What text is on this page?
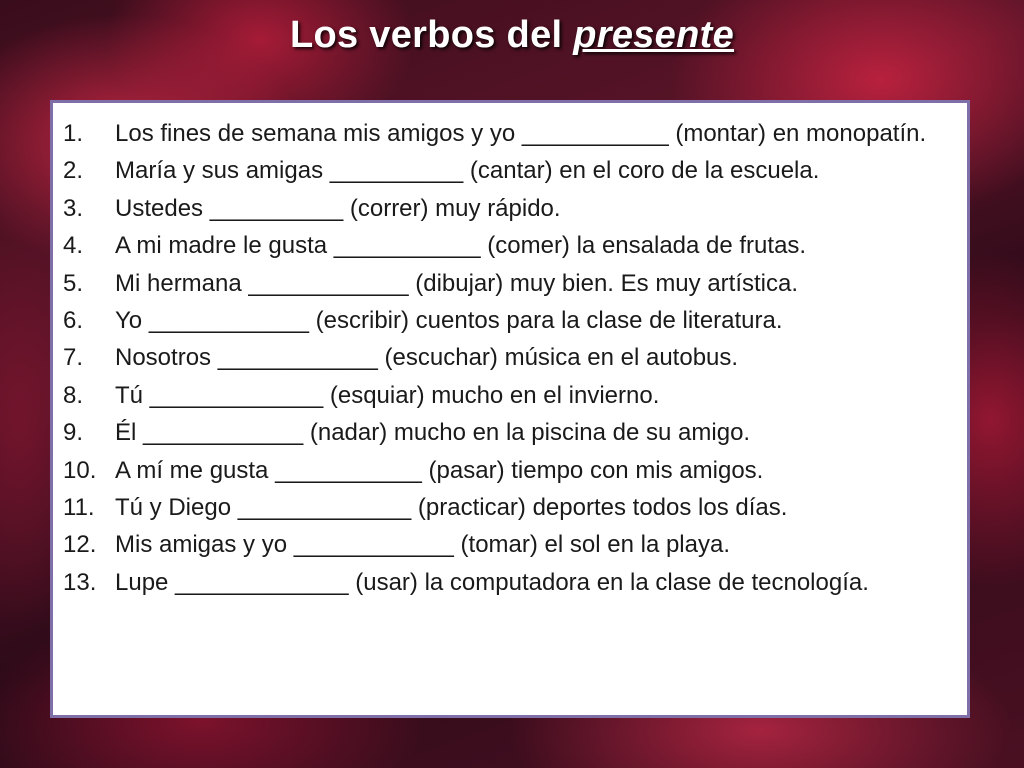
Los verbos del presente
1.	Los fines de semana mis amigos y yo ___________ (montar) en monopatín.
2.	María y sus amigas __________ (cantar) en el coro de la escuela.
3.	Ustedes __________ (correr) muy rápido.
4.	A mi madre le gusta ___________ (comer) la ensalada de frutas.
5.	Mi hermana ____________ (dibujar) muy bien. Es muy artística.
6.	Yo ____________ (escribir) cuentos para la clase de literatura.
7.	Nosotros ____________ (escuchar) música en el autobus.
8.	Tú _____________ (esquiar) mucho en el invierno.
9.	Él ____________ (nadar) mucho en la piscina de su amigo.
10. A mí me gusta ___________ (pasar) tiempo con mis amigos.
11. Tú y Diego _____________ (practicar) deportes todos los días.
12. Mis amigas y yo ____________ (tomar) el sol en la playa.
13. Lupe _____________ (usar) la computadora en la clase de tecnología.
